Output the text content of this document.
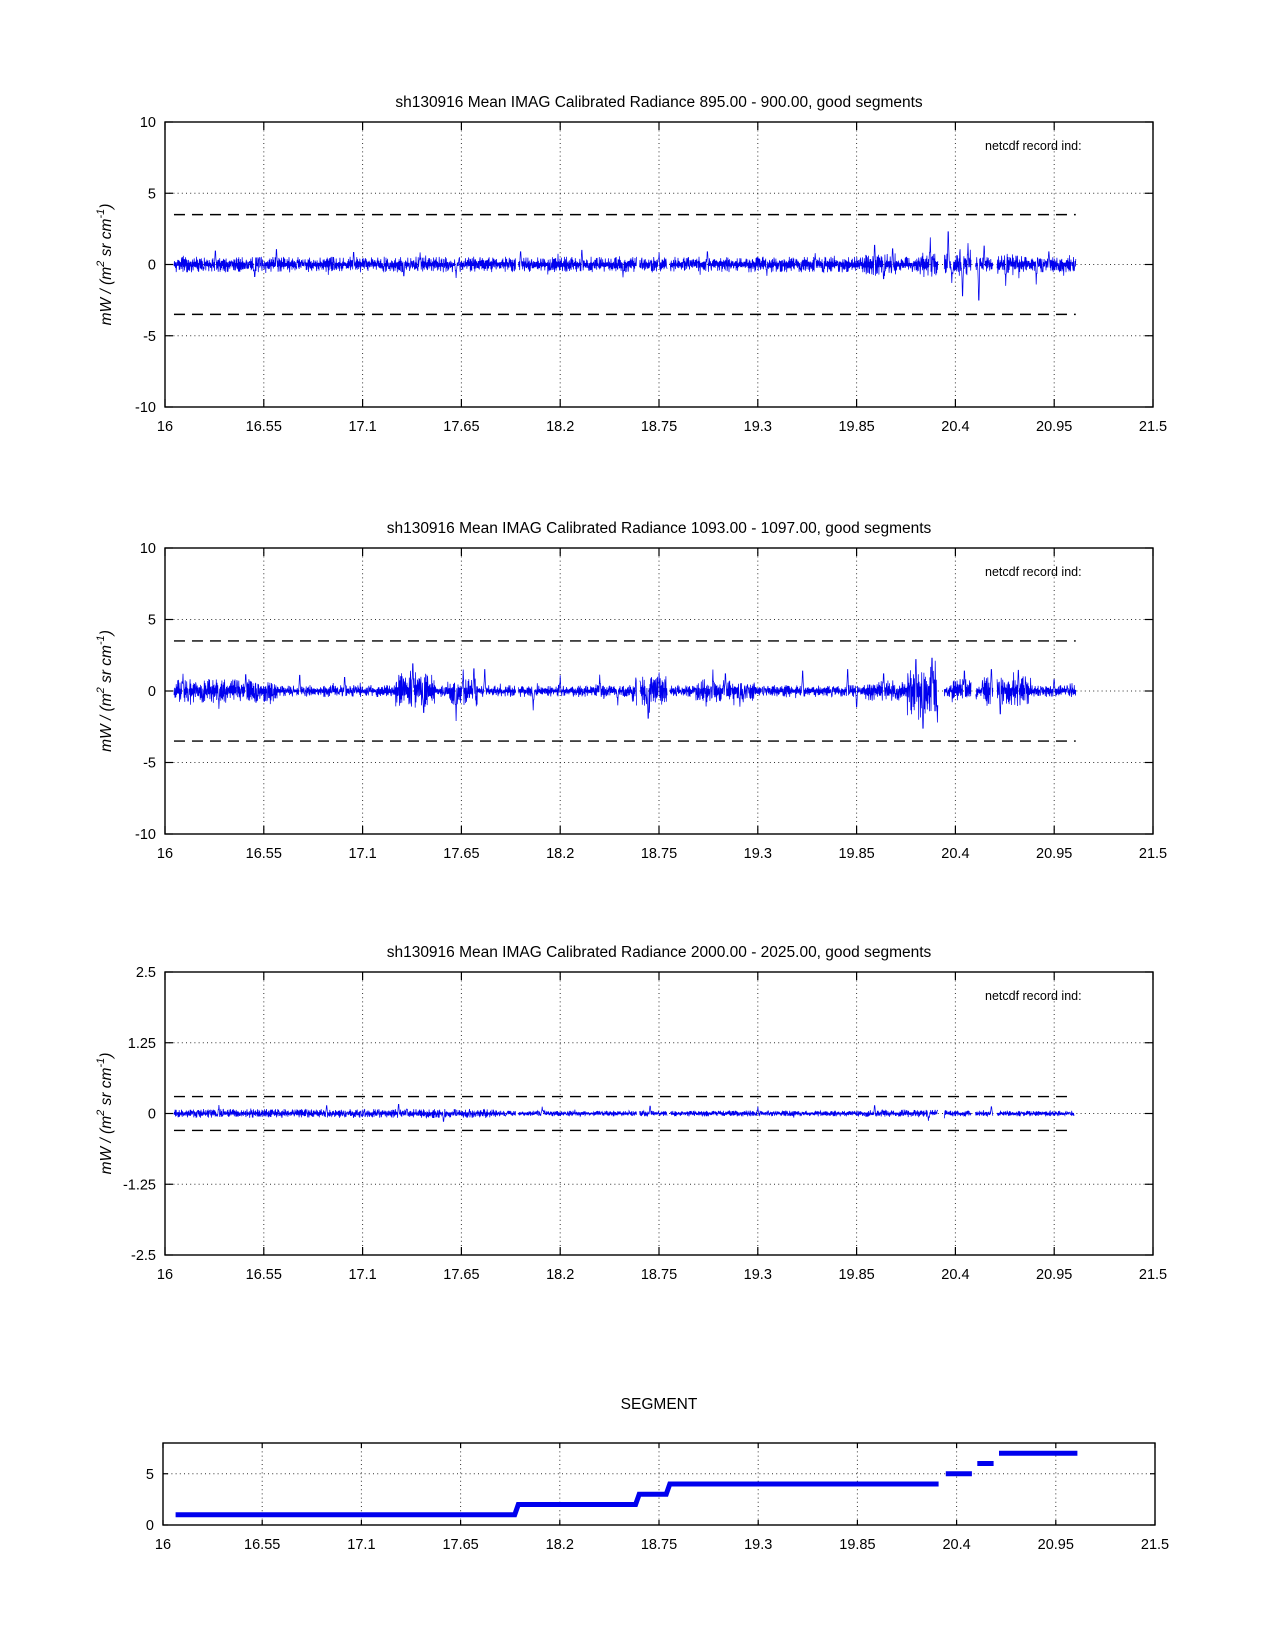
16	16.55	17.1	17.65	18.2	18.75	19.3	19.85	20.4	20.95	21.5
10
5
0
-5
-10
sh130916 Mean IMAG Calibrated Radiance 895.00 - 900.00, good segments
netcdf record ind:
mW / ($m^2$ sr $cm^{-1}$)
16	16.55	17.1	17.65	18.2	18.75	19.3	19.85	20.4	20.95	21.5
10
5
0
-5
-10
sh130916 Mean IMAG Calibrated Radiance 1093.00 - 1097.00, good segments
netcdf record ind:
mW / ($m^2$ sr $cm^{-1}$)
16	16.55	17.1	17.65	18.2	18.75	19.3	19.85	20.4	20.95	21.5
2.5
1.25
0
-1.25
-2.5
sh130916 Mean IMAG Calibrated Radiance 2000.00 - 2025.00, good segments
netcdf record ind:
mW / ($m^2$ sr $cm^{-1}$)
16	16.55	17.1	17.65	18.2	18.75	19.3	19.85	20.4	20.95	21.5
5
0
SEGMENT
